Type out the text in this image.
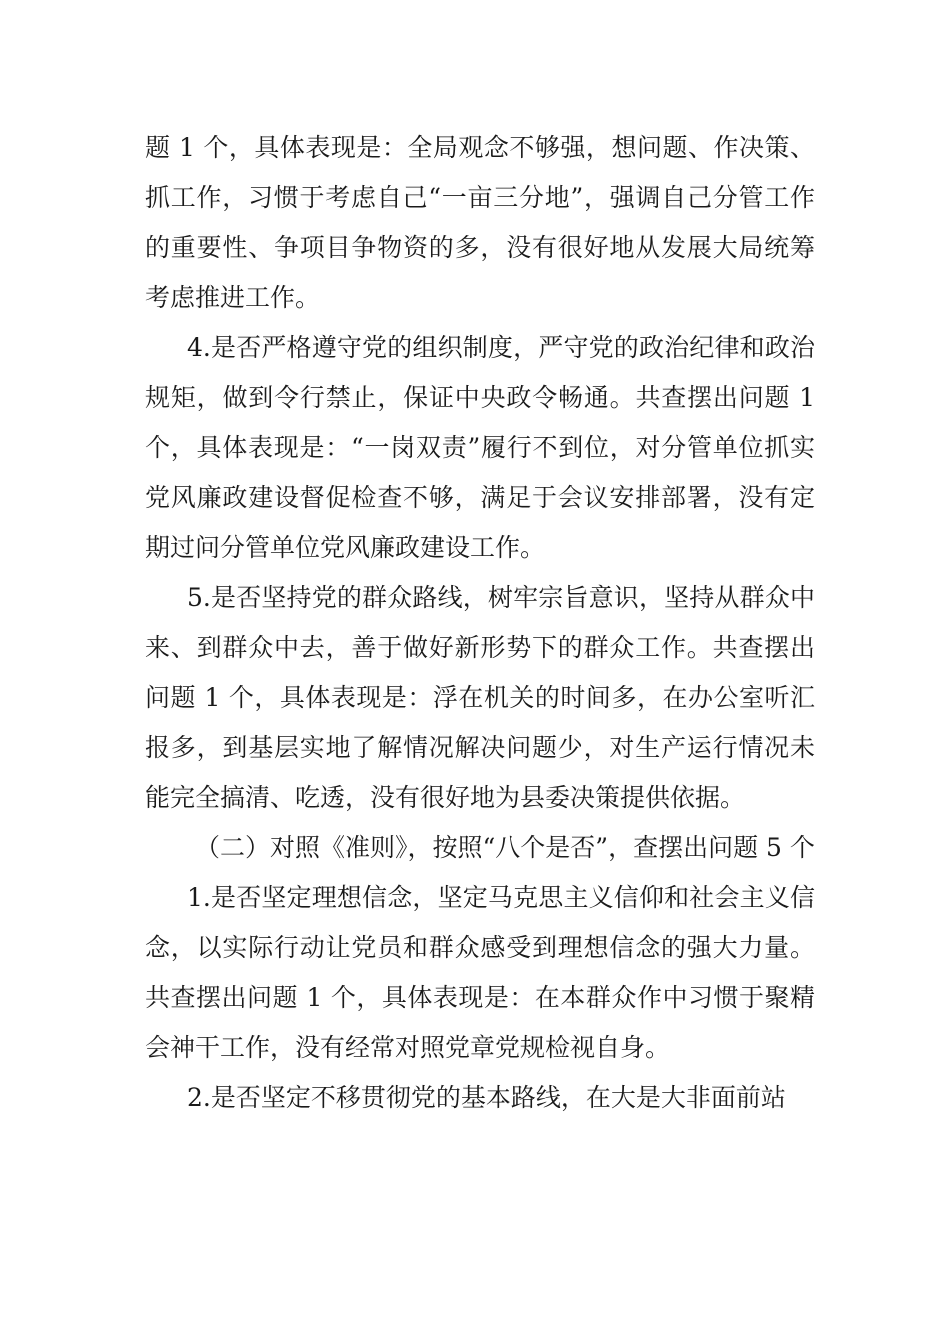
题 1 个，具体表现是：全局观念不够强，想问题、作决策、抓工作，习惯于考虑自己“一亩三分地”，强调自己分管工作的重要性、争项目争物资的多，没有很好地从发展大局统筹考虑推进工作。

4.是否严格遵守党的组织制度，严守党的政治纪律和政治规矩，做到令行禁止，保证中央政令畅通。共查摆出问题 1 个，具体表现是：“一岗双责”履行不到位，对分管单位抓实党风廉政建设督促检查不够，满足于会议安排部署，没有定期过问分管单位党风廉政建设工作。

5.是否坚持党的群众路线，树牢宗旨意识，坚持从群众中来、到群众中去，善于做好新形势下的群众工作。共查摆出问题 1 个，具体表现是：浮在机关的时间多，在办公室听汇报多，到基层实地了解情况解决问题少，对生产运行情况未能完全搞清、吃透，没有很好地为县委决策提供依据。

（二）对照《准则》，按照“八个是否”，查摆出问题 5 个

1.是否坚定理想信念，坚定马克思主义信仰和社会主义信念，以实际行动让党员和群众感受到理想信念的强大力量。共查摆出问题 1 个，具体表现是：在本群众作中习惯于聚精会神干工作，没有经常对照党章党规检视自身。

2.是否坚定不移贯彻党的基本路线，在大是大非面前站
